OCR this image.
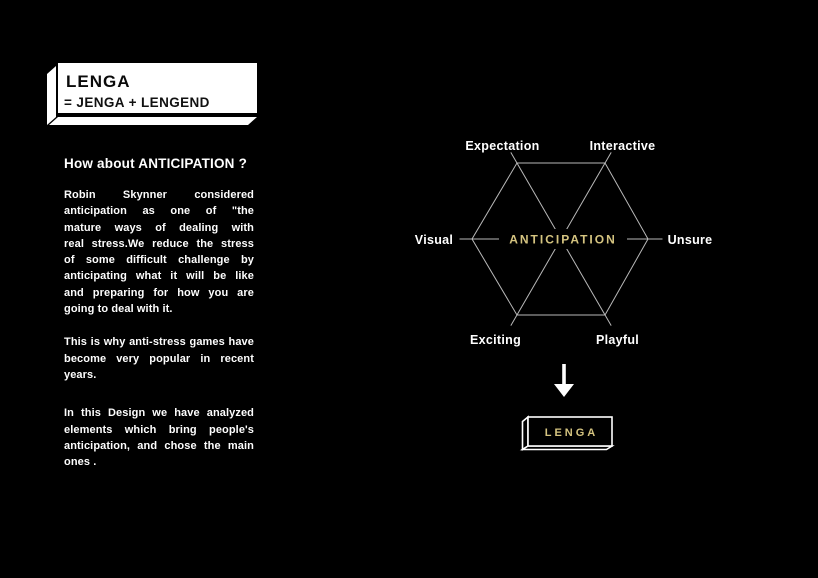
LENGA
= JENGA + LENGEND
How about ANTICIPATION ?
Robin Skynner considered
anticipation as one of "the
mature ways of dealing with
real stress.We reduce the stress
of some difficult challenge by
anticipating what it will be like
and preparing for how you are
going to deal with it.
This is why anti-stress games have
become very popular in recent
years.
In this Design we have analyzed
elements which bring people's
anticipation, and chose the main
ones .
ANTICIPATION
Expectation	Interactive
Visual	Unsure
Exciting	Playful
LENGA
